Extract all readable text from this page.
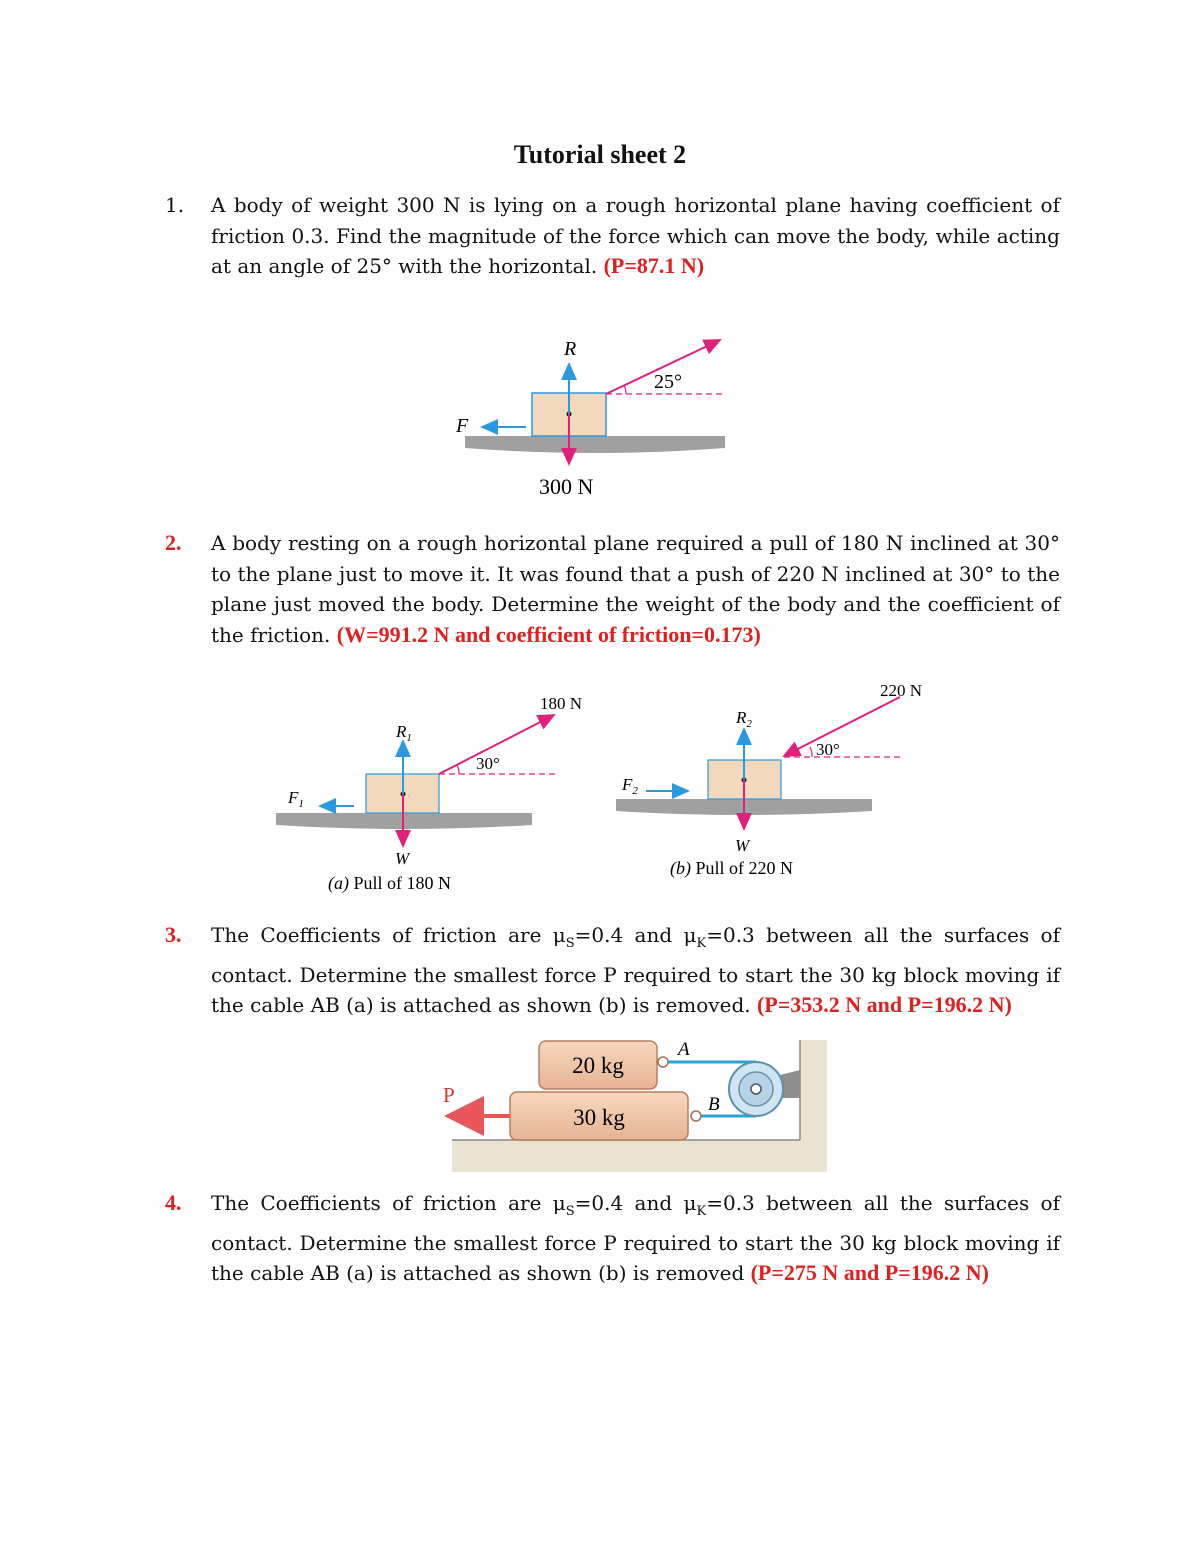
Tutorial sheet 2
1.	A body of weight 300 N is lying on a rough horizontal plane having coefficient of friction 0.3. Find the magnitude of the force which can move the body, while acting at an angle of 25° with the horizontal. (P=87.1 N)
R
F
25°
300 N
2.	A body resting on a rough horizontal plane required a pull of 180 N inclined at 30° to the plane just to move it. It was found that a push of 220 N inclined at 30° to the plane just moved the body. Determine the weight of the body and the coefficient of the friction. (W=991.2 N and coefficient of friction=0.173)
$R_1$
$F_1$
30°
180 N
W
(a) Pull of 180 N
$R_2$
$F_2$
30°
220 N
W
(b) Pull of 220 N
3.	The Coefficients of friction are $\mu_S=0.4$ and $\mu_K=0.3$ between all the surfaces of contact. Determine the smallest force P required to start the 30 kg block moving if the cable AB (a) is attached as shown (b) is removed. (P=353.2 N and P=196.2 N)
P
A
B
20 kg
30 kg
4.	The Coefficients of friction are $\mu_S=0.4$ and $\mu_K=0.3$ between all the surfaces of contact. Determine the smallest force P required to start the 30 kg block moving if the cable AB (a) is attached as shown (b) is removed (P=275 N and P=196.2 N)
